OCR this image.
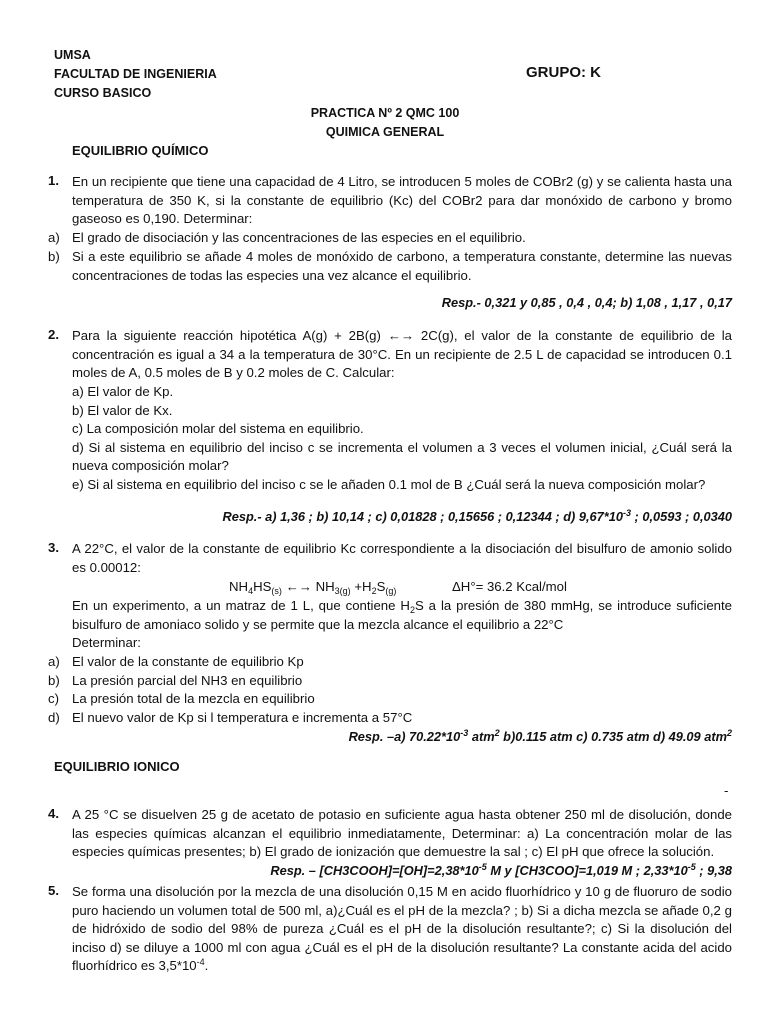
UMSA
FACULTAD DE INGENIERIA
CURSO BASICO
GRUPO: K
PRACTICA Nº 2 QMC 100
QUIMICA GENERAL
EQUILIBRIO QUÍMICO
1. En un recipiente que tiene una capacidad de 4 Litro, se introducen 5 moles de COBr2 (g) y se calienta hasta una temperatura de 350 K, si la constante de equilibrio (Kc) del COBr2 para dar monóxido de carbono y bromo gaseoso es 0,190. Determinar:
a) El grado de disociación y las concentraciones de las especies en el equilibrio.
b) Si a este equilibrio se añade 4 moles de monóxido de carbono, a temperatura constante, determine las nuevas concentraciones de todas las especies una vez alcance el equilibrio.
Resp.- 0,321 y 0,85 , 0,4 , 0,4; b) 1,08 , 1,17 , 0,17
2. Para la siguiente reacción hipotética A(g) + 2B(g) ←→ 2C(g), el valor de la constante de equilibrio de la concentración es igual a 34 a la temperatura de 30°C. En un recipiente de 2.5 L de capacidad se introducen 0.1 moles de A, 0.5 moles de B y 0.2 moles de C. Calcular:
a) El valor de Kp.
b) El valor de Kx.
c) La composición molar del sistema en equilibrio.
d) Si al sistema en equilibrio del inciso c se incrementa el volumen a 3 veces el volumen inicial, ¿Cuál será la nueva composición molar?
e) Si al sistema en equilibrio del inciso c se le añaden 0.1 mol de B ¿Cuál será la nueva composición molar?
Resp.- a) 1,36 ; b) 10,14 ; c) 0,01828 ; 0,15656 ; 0,12344 ; d) $9,67*10^{-3}$ ; 0,0593 ; 0,0340
3. A 22°C, el valor de la constante de equilibrio Kc correspondiente a la disociación del bisulfuro de amonio solido es 0.00012:
$NH_4HS_{(s)}$ ←→ $NH_{3(g)} +H_2S_{(g)}$	ΔH°= 36.2 Kcal/mol
En un experimento, a un matraz de 1 L, que contiene $H_2S$ a la presión de 380 mmHg, se introduce suficiente bisulfuro de amoniaco solido y se permite que la mezcla alcance el equilibrio a 22°C
Determinar:
a) El valor de la constante de equilibrio Kp
b) La presión parcial del NH3 en equilibrio
c) La presión total de la mezcla en equilibrio
d) El nuevo valor de Kp si l temperatura e incrementa a 57°C
Resp. –a) $70.22*10^{-3}$ atm$^2$ b)0.115 atm c) 0.735 atm d) 49.09 atm$^2$
EQUILIBRIO IONICO
-
4. A 25 °C se disuelven 25 g de acetato de potasio en suficiente agua hasta obtener 250 ml de disolución, donde las especies químicas alcanzan el equilibrio inmediatamente, Determinar: a) La concentración molar de las especies químicas presentes; b) El grado de ionización que demuestre la sal ; c) El pH que ofrece la solución.
Resp. – $[CH3COOH]=[OH]=2,38*10^{-5}$ M y [CH3COO]=1,019 M ; $2,33*10^{-5}$ ; 9,38
5. Se forma una disolución por la mezcla de una disolución 0,15 M en acido fluorhídrico y 10 g de fluoruro de sodio puro haciendo un volumen total de 500 ml, a)¿Cuál es el pH de la mezcla? ; b) Si a dicha mezcla se añade 0,2 g de hidróxido de sodio del 98% de pureza ¿Cuál es el pH de la disolución resultante?; c) Si la disolución del inciso d) se diluye a 1000 ml con agua ¿Cuál es el pH de la disolución resultante? La constante acida del acido fluorhídrico es $3,5*10^{-4}$.
